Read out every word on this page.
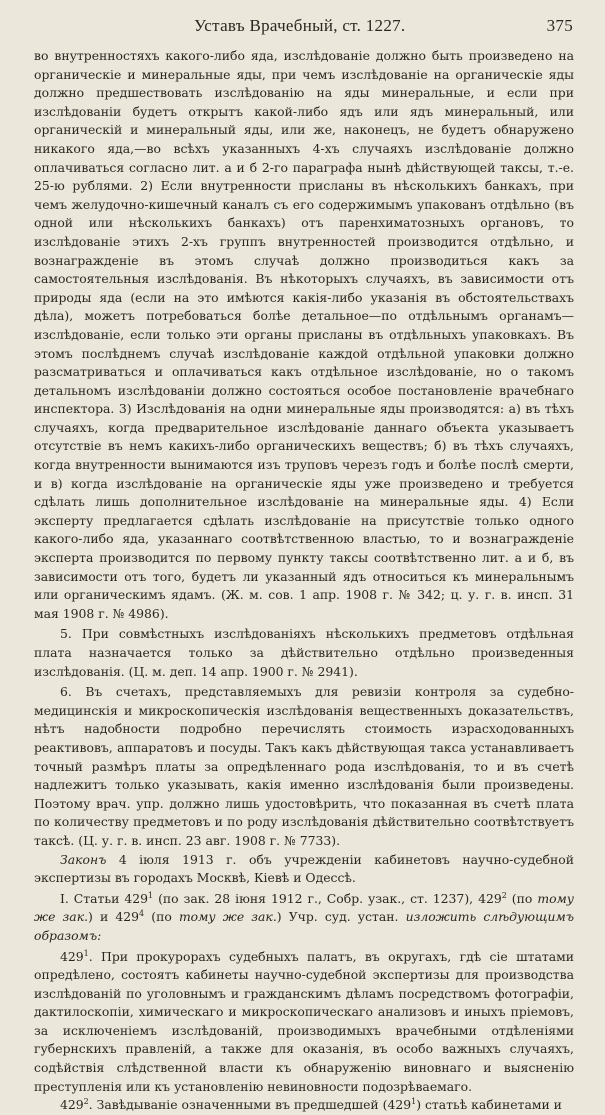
Уставъ Врачебный, ст. 1227.	375

во внутренностяхъ какого-либо яда, изслѣдованіе должно быть произведено на органическіе и минеральные яды, при чемъ изслѣдованіе на органическіе яды должно предшествовать изслѣдованію на яды минеральные, и если при изслѣдованіи будетъ открытъ какой-либо ядъ или ядъ минеральный, или органическій и минеральный яды, или же, наконецъ, не будетъ обнаружено никакого яда,—во всѣхъ указанныхъ 4-хъ случаяхъ изслѣдованіе должно оплачиваться согласно лит. а и б 2-го параграфа нынѣ дѣйствующей таксы, т.-е. 25-ю рублями. 2) Если внутренности присланы въ нѣсколькихъ банкахъ, при чемъ желудочно-кишечный каналъ съ его содержимымъ упакованъ отдѣльно (въ одной или нѣсколькихъ банкахъ) отъ паренхиматозныхъ органовъ, то изслѣдованіе этихъ 2-хъ группъ внутренностей производится отдѣльно, и вознагражденіе въ этомъ случаѣ должно производиться какъ за самостоятельныя изслѣдованія. Въ нѣкоторыхъ случаяхъ, въ зависимости отъ природы яда (если на это имѣются какія-либо указанія въ обстоятельствахъ дѣла), можетъ потребоваться болѣе детальное—по отдѣльнымъ органамъ—изслѣдованіе, если только эти органы присланы въ отдѣльныхъ упаковкахъ. Въ этомъ послѣднемъ случаѣ изслѣдованіе каждой отдѣльной упаковки должно разсматриваться и оплачиваться какъ отдѣльное изслѣдованіе, но о такомъ детальномъ изслѣдованіи должно состояться особое постановленіе врачебнаго инспектора. 3) Изслѣдованія на одни минеральные яды производятся: а) въ тѣхъ случаяхъ, когда предварительное изслѣдованіе даннаго объекта указываетъ отсутствіе въ немъ какихъ-либо органическихъ веществъ; б) въ тѣхъ случаяхъ, когда внутренности вынимаются изъ труповъ черезъ годъ и болѣе послѣ смерти, и в) когда изслѣдованіе на органическіе яды уже произведено и требуется сдѣлать лишь дополнительное изслѣдованіе на минеральные яды. 4) Если эксперту предлагается сдѣлать изслѣдованіе на присутствіе только одного какого-либо яда, указаннаго соотвѣтственною властью, то и вознагражденіе эксперта производится по первому пункту таксы соотвѣтственно лит. а и б, въ зависимости отъ того, будетъ ли указанный ядъ относиться къ минеральнымъ или органическимъ ядамъ. (Ж. м. сов. 1 апр. 1908 г. № 342; ц. у. г. в. инсп. 31 мая 1908 г. № 4986).

5. При совмѣстныхъ изслѣдованіяхъ нѣсколькихъ предметовъ отдѣльная плата назначается только за дѣйствительно отдѣльно произведенныя изслѣдованія. (Ц. м. деп. 14 апр. 1900 г. № 2941).

6. Въ счетахъ, представляемыхъ для ревизіи контроля за судебно-медицинскія и микроскопическія изслѣдованія вещественныхъ доказательствъ, нѣтъ надобности подробно перечислять стоимость израсходованныхъ реактивовъ, аппаратовъ и посуды. Такъ какъ дѣйствующая такса устанавливаетъ точный размѣръ платы за опредѣленнаго рода изслѣдованія, то и въ счетѣ надлежитъ только указывать, какія именно изслѣдованія были произведены. Поэтому врач. упр. должно лишь удостовѣрить, что показанная въ счетѣ плата по количеству предметовъ и по роду изслѣдованія дѣйствительно соотвѣтствуетъ таксѣ. (Ц. у. г. в. инсп. 23 авг. 1908 г. № 7733).

Законъ 4 іюля 1913 г. объ учрежденіи кабинетовъ научно-судебной экспертизы въ городахъ Москвѣ, Кіевѣ и Одессѣ.

I. Статьи $429^1$ (по зак. 28 іюня 1912 г., Собр. узак., ст. 1237), $429^2$ (по тому же зак.) и $429^4$ (по тому же зак.) Учр. суд. устан. изложить слѣдующимъ образомъ:

$429^1$. При прокурорахъ судебныхъ палатъ, въ округахъ, гдѣ сіе штатами опредѣлено, состоятъ кабинеты научно-судебной экспертизы для производства изслѣдованій по уголовнымъ и гражданскимъ дѣламъ посредствомъ фотографіи, дактилоскопіи, химическаго и микроскопическаго анализовъ и иныхъ пріемовъ, за исключеніемъ изслѣдованій, производимыхъ врачебными отдѣленіями губернскихъ правленій, а также для оказанія, въ особо важныхъ случаяхъ, содѣйствія слѣдственной власти къ обнаруженію виновнаго и выясненію преступленія или къ установленію невиновности подозрѣваемаго.

$429^2$. Завѣдываніе означенными въ предшедшей $(429^1)$ статьѣ кабинетами и
